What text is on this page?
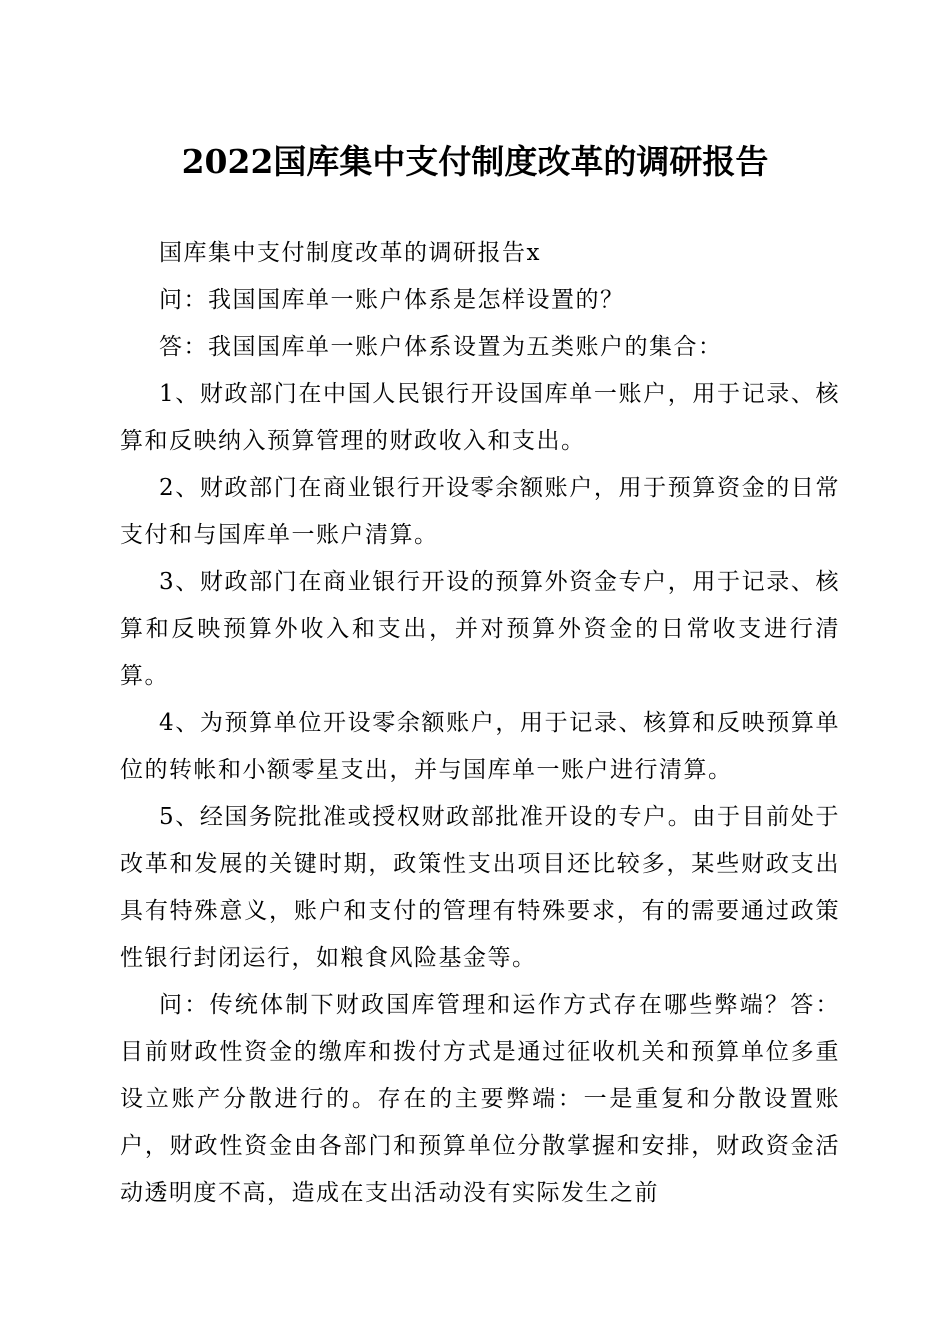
2022国库集中支付制度改革的调研报告

国库集中支付制度改革的调研报告x

问：我国国库单一账户体系是怎样设置的？

答：我国国库单一账户体系设置为五类账户的集合：

1、财政部门在中国人民银行开设国库单一账户，用于记录、核算和反映纳入预算管理的财政收入和支出。

2、财政部门在商业银行开设零余额账户，用于预算资金的日常支付和与国库单一账户清算。

3、财政部门在商业银行开设的预算外资金专户，用于记录、核算和反映预算外收入和支出，并对预算外资金的日常收支进行清算。

4、为预算单位开设零余额账户，用于记录、核算和反映预算单位的转帐和小额零星支出，并与国库单一账户进行清算。

5、经国务院批准或授权财政部批准开设的专户。由于目前处于改革和发展的关键时期，政策性支出项目还比较多，某些财政支出具有特殊意义，账户和支付的管理有特殊要求，有的需要通过政策性银行封闭运行，如粮食风险基金等。

问：传统体制下财政国库管理和运作方式存在哪些弊端？答：目前财政性资金的缴库和拨付方式是通过征收机关和预算单位多重设立账产分散进行的。存在的主要弊端：一是重复和分散设置账户，财政性资金由各部门和预算单位分散掌握和安排，财政资金活动透明度不高，造成在支出活动没有实际发生之前
